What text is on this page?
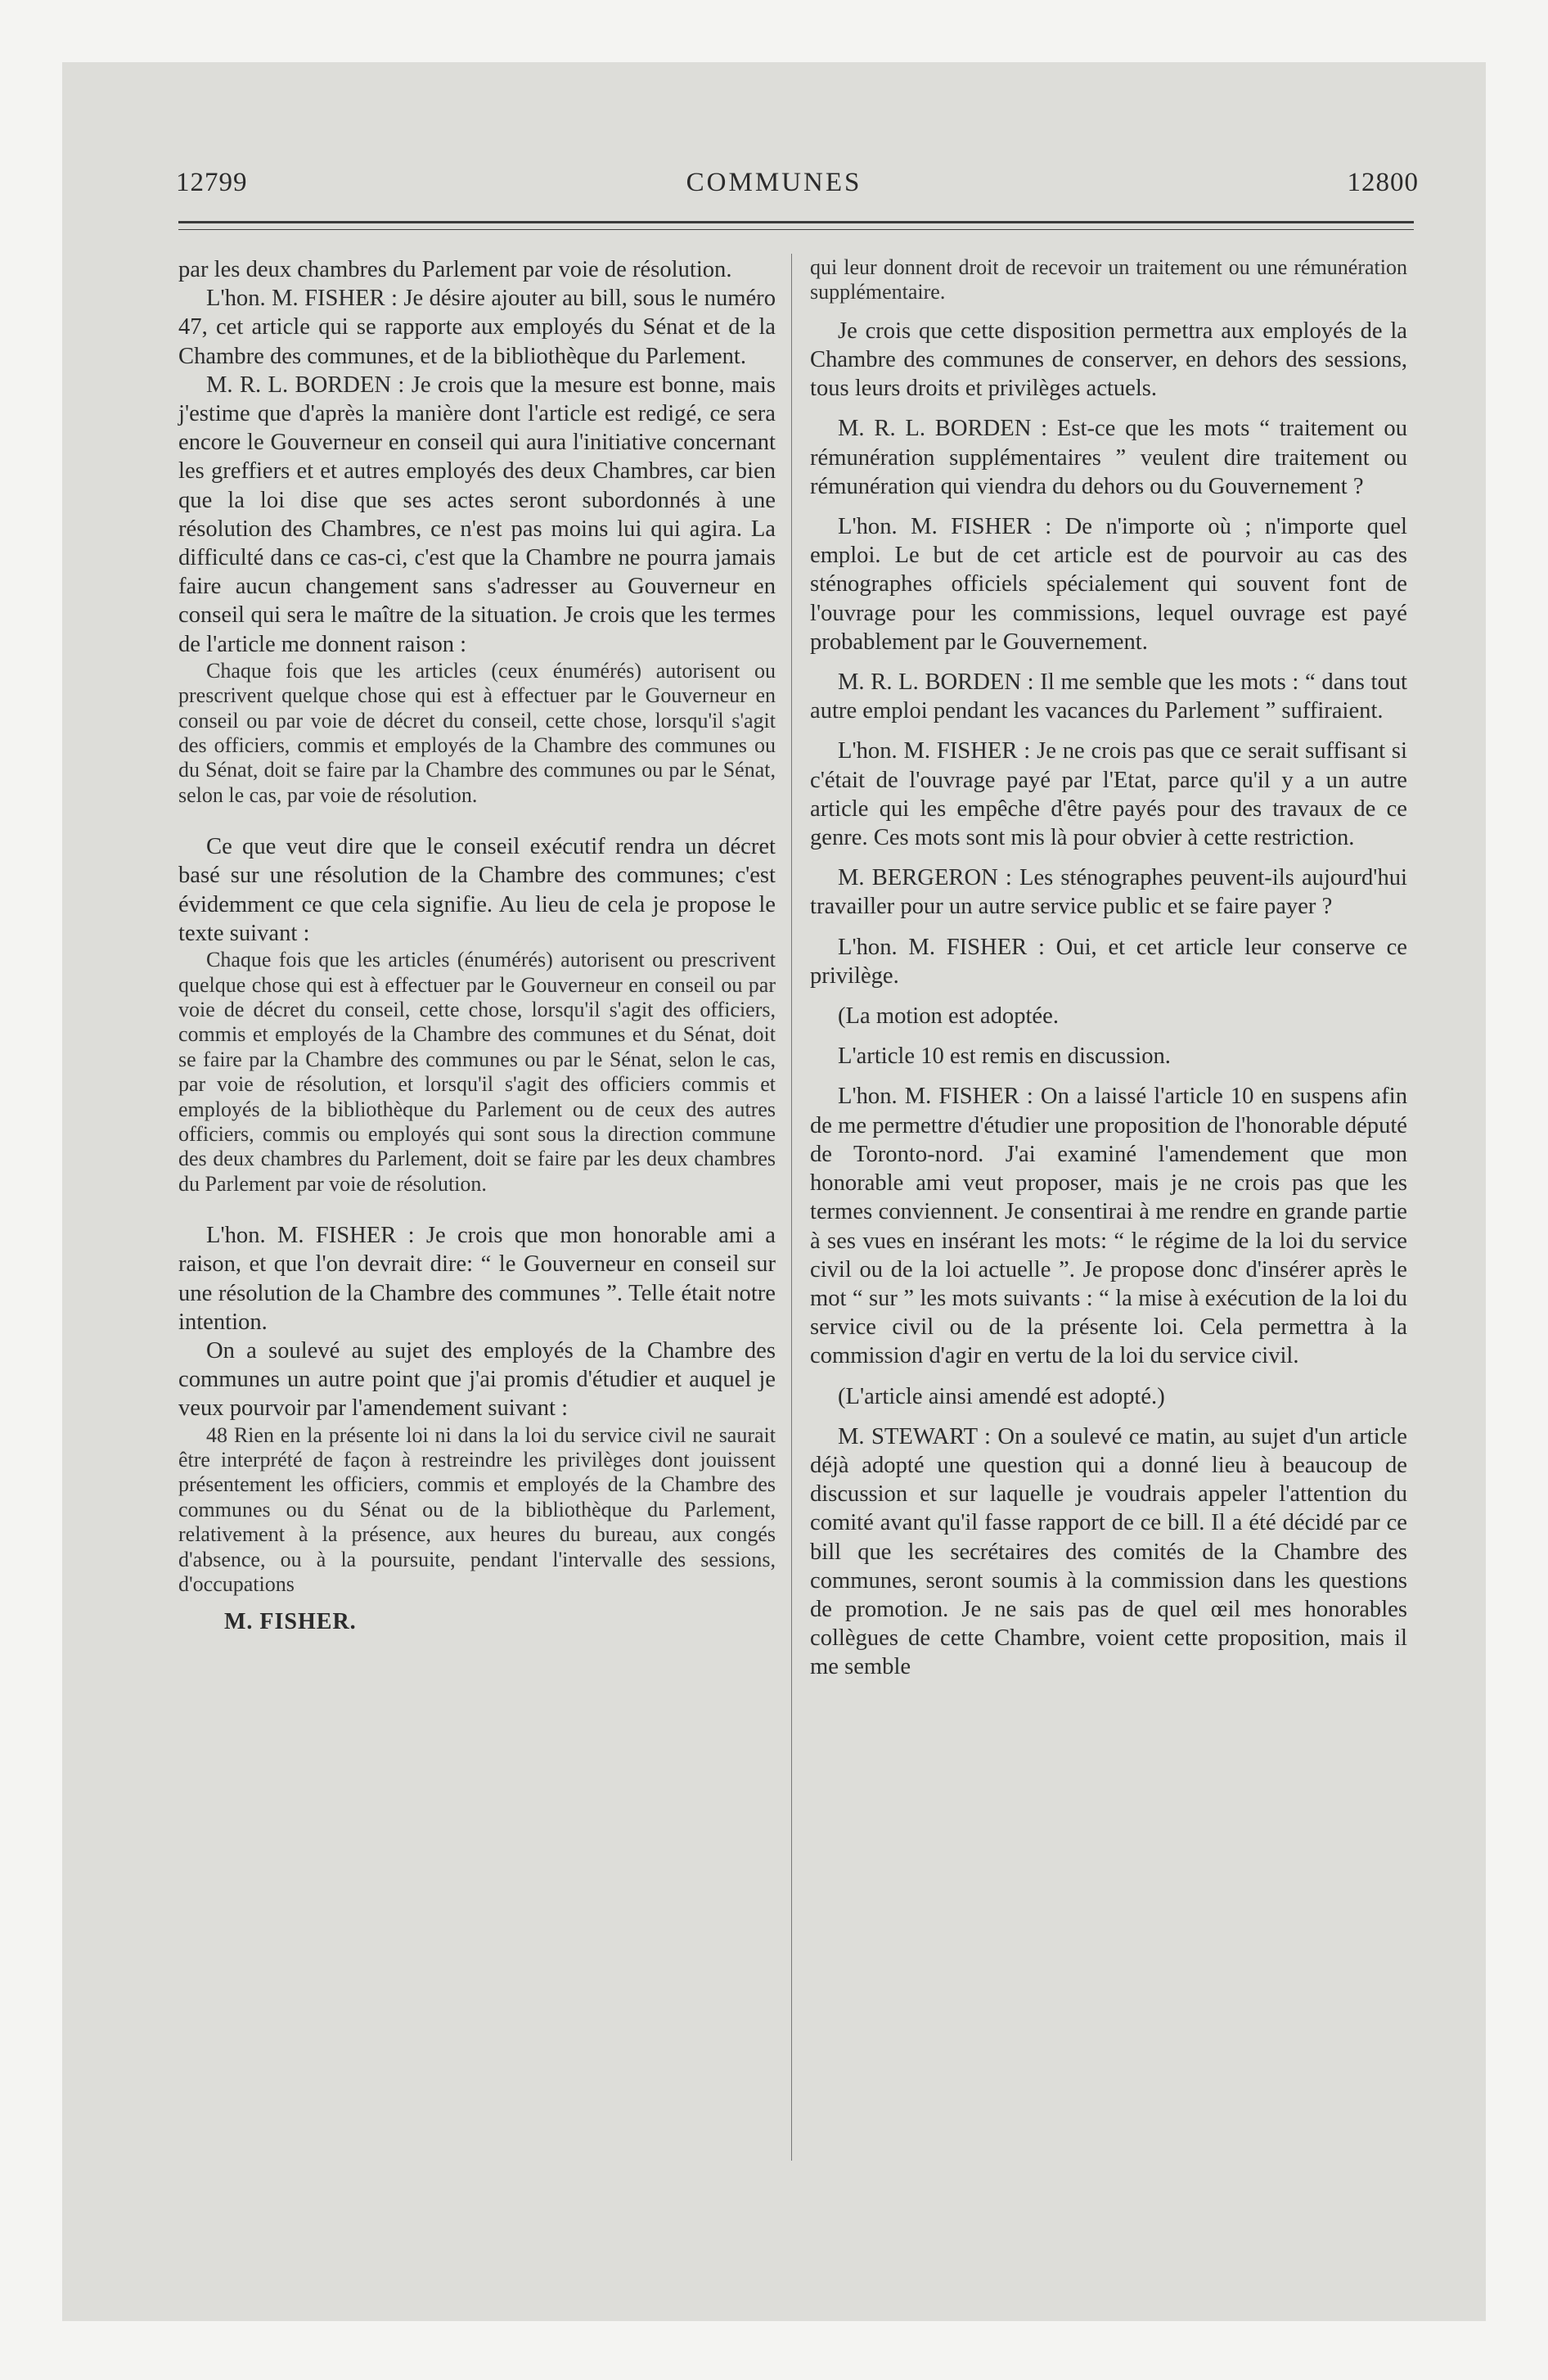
12799	COMMUNES	12800

par les deux chambres du Parlement par voie de résolution.

L'hon. M. FISHER : Je désire ajouter au bill, sous le numéro 47, cet article qui se rapporte aux employés du Sénat et de la Chambre des communes, et de la bibliothèque du Parlement.

M. R. L. BORDEN : Je crois que la mesure est bonne, mais j'estime que d'après la manière dont l'article est redigé, ce sera encore le Gouverneur en conseil qui aura l'initiative concernant les greffiers et et autres employés des deux Chambres, car bien que la loi dise que ses actes seront subordonnés à une résolution des Chambres, ce n'est pas moins lui qui agira. La difficulté dans ce cas-ci, c'est que la Chambre ne pourra jamais faire aucun changement sans s'adresser au Gouverneur en conseil qui sera le maître de la situation. Je crois que les termes de l'article me donnent raison :

Chaque fois que les articles (ceux énumérés) autorisent ou prescrivent quelque chose qui est à effectuer par le Gouverneur en conseil ou par voie de décret du conseil, cette chose, lorsqu'il s'agit des officiers, commis et employés de la Chambre des communes ou du Sénat, doit se faire par la Chambre des communes ou par le Sénat, selon le cas, par voie de résolution.

Ce que veut dire que le conseil exécutif rendra un décret basé sur une résolution de la Chambre des communes; c'est évidemment ce que cela signifie. Au lieu de cela je propose le texte suivant :

Chaque fois que les articles (énumérés) autorisent ou prescrivent quelque chose qui est à effectuer par le Gouverneur en conseil ou par voie de décret du conseil, cette chose, lorsqu'il s'agit des officiers, commis et employés de la Chambre des communes et du Sénat, doit se faire par la Chambre des communes ou par le Sénat, selon le cas, par voie de résolution, et lorsqu'il s'agit des officiers commis et employés de la bibliothèque du Parlement ou de ceux des autres officiers, commis ou employés qui sont sous la direction commune des deux chambres du Parlement, doit se faire par les deux chambres du Parlement par voie de résolution.

L'hon. M. FISHER : Je crois que mon honorable ami a raison, et que l'on devrait dire: “ le Gouverneur en conseil sur une résolution de la Chambre des communes ”. Telle était notre intention.

On a soulevé au sujet des employés de la Chambre des communes un autre point que j'ai promis d'étudier et auquel je veux pourvoir par l'amendement suivant :

48 Rien en la présente loi ni dans la loi du service civil ne saurait être interprété de façon à restreindre les privilèges dont jouissent présentement les officiers, commis et employés de la Chambre des communes ou du Sénat ou de la bibliothèque du Parlement, relativement à la présence, aux heures du bureau, aux congés d'absence, ou à la poursuite, pendant l'intervalle des sessions, d'occupations

M. FISHER.

qui leur donnent droit de recevoir un traitement ou une rémunération supplémentaire.

Je crois que cette disposition permettra aux employés de la Chambre des communes de conserver, en dehors des sessions, tous leurs droits et privilèges actuels.

M. R. L. BORDEN : Est-ce que les mots “ traitement ou rémunération supplémentaires ” veulent dire traitement ou rémunération qui viendra du dehors ou du Gouvernement ?

L'hon. M. FISHER : De n'importe où ; n'importe quel emploi. Le but de cet article est de pourvoir au cas des sténographes officiels spécialement qui souvent font de l'ouvrage pour les commissions, lequel ouvrage est payé probablement par le Gouvernement.

M. R. L. BORDEN : Il me semble que les mots : “ dans tout autre emploi pendant les vacances du Parlement ” suffiraient.

L'hon. M. FISHER : Je ne crois pas que ce serait suffisant si c'était de l'ouvrage payé par l'Etat, parce qu'il y a un autre article qui les empêche d'être payés pour des travaux de ce genre. Ces mots sont mis là pour obvier à cette restriction.

M. BERGERON : Les sténographes peuvent-ils aujourd'hui travailler pour un autre service public et se faire payer ?

L'hon. M. FISHER : Oui, et cet article leur conserve ce privilège.

(La motion est adoptée.

L'article 10 est remis en discussion.

L'hon. M. FISHER : On a laissé l'article 10 en suspens afin de me permettre d'étudier une proposition de l'honorable député de Toronto-nord. J'ai examiné l'amendement que mon honorable ami veut proposer, mais je ne crois pas que les termes conviennent. Je consentirai à me rendre en grande partie à ses vues en insérant les mots: “ le régime de la loi du service civil ou de la loi actuelle ”. Je propose donc d'insérer après le mot “ sur ” les mots suivants : “ la mise à exécution de la loi du service civil ou de la présente loi. Cela permettra à la commission d'agir en vertu de la loi du service civil.

(L'article ainsi amendé est adopté.)

M. STEWART : On a soulevé ce matin, au sujet d'un article déjà adopté une question qui a donné lieu à beaucoup de discussion et sur laquelle je voudrais appeler l'attention du comité avant qu'il fasse rapport de ce bill. Il a été décidé par ce bill que les secrétaires des comités de la Chambre des communes, seront soumis à la commission dans les questions de promotion. Je ne sais pas de quel œil mes honorables collègues de cette Chambre, voient cette proposition, mais il me semble
